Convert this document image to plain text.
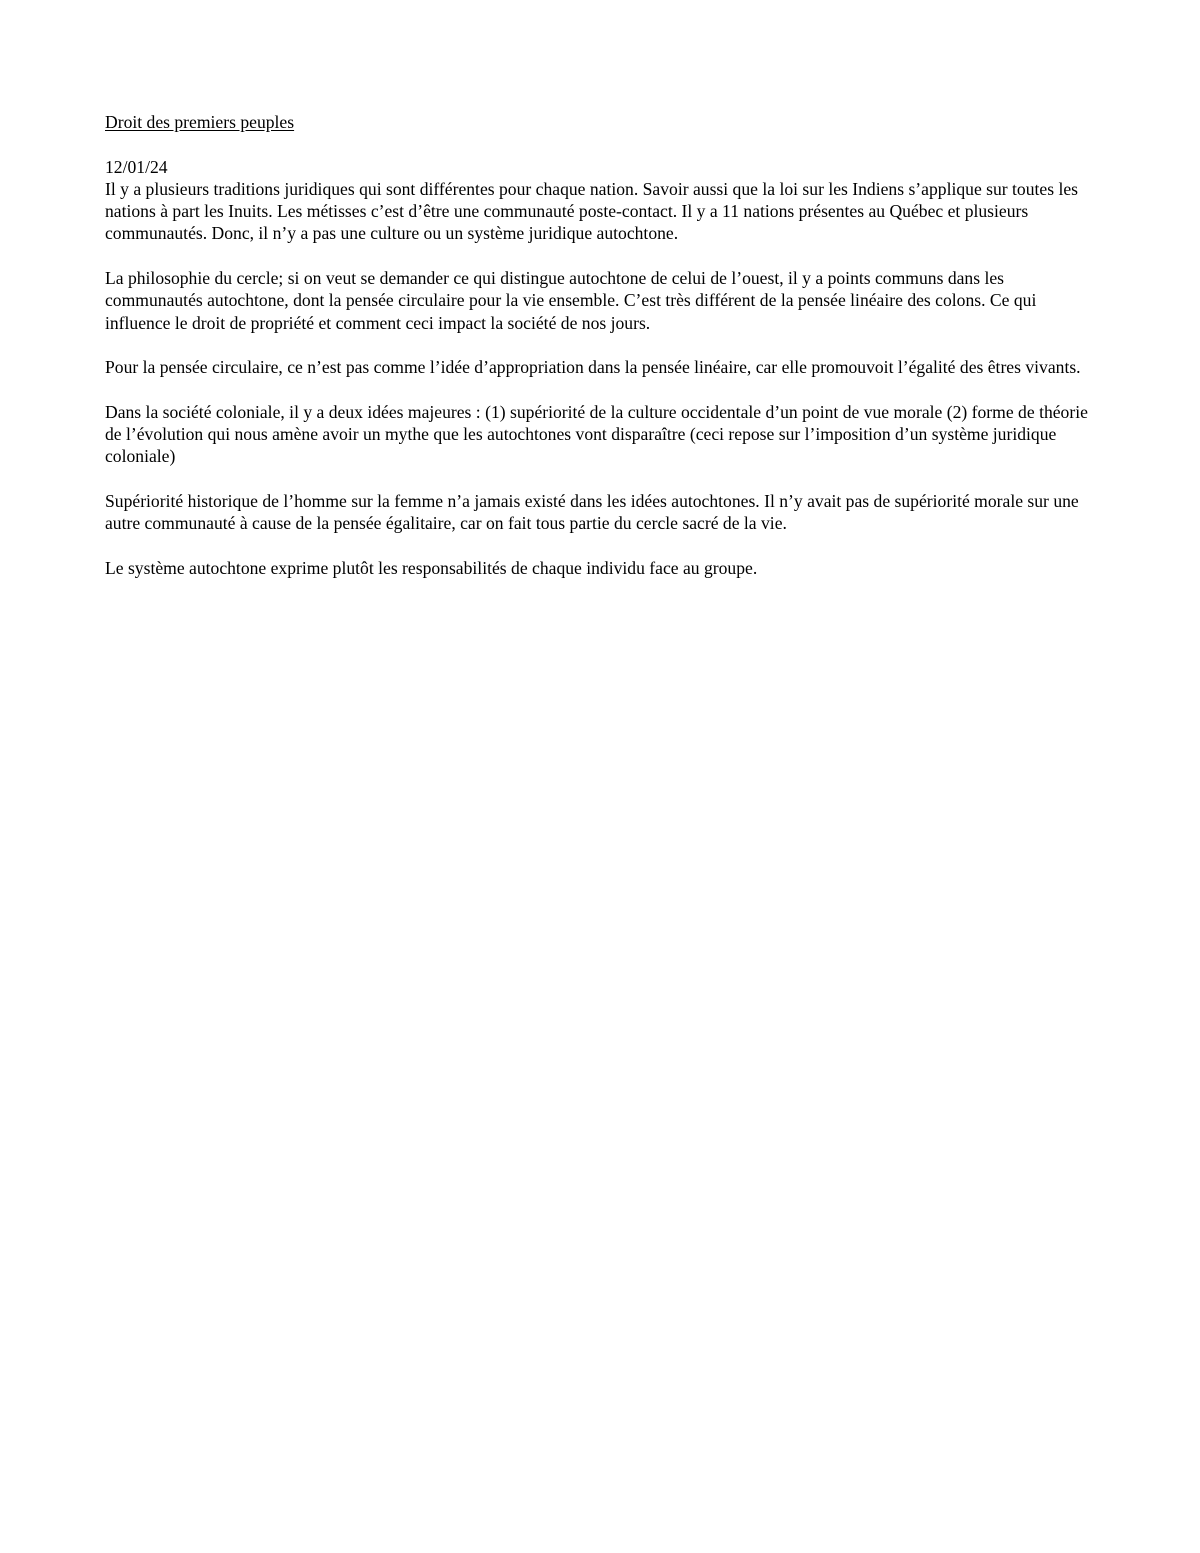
Droit des premiers peuples

12/01/24

Il y a plusieurs traditions juridiques qui sont différentes pour chaque nation. Savoir aussi que la loi sur les Indiens s’applique sur toutes les nations à part les Inuits. Les métisses c’est d’être une communauté poste-contact. Il y a 11 nations présentes au Québec et plusieurs communautés. Donc, il n’y a pas une culture ou un système juridique autochtone.

La philosophie du cercle; si on veut se demander ce qui distingue autochtone de celui de l’ouest, il y a points communs dans les communautés autochtone, dont la pensée circulaire pour la vie ensemble. C’est très différent de la pensée linéaire des colons. Ce qui influence le droit de propriété et comment ceci impact la société de nos jours.

Pour la pensée circulaire, ce n’est pas comme l’idée d’appropriation dans la pensée linéaire, car elle promouvoit l’égalité des êtres vivants.

Dans la société coloniale, il y a deux idées majeures : (1) supériorité de la culture occidentale d’un point de vue morale (2) forme de théorie de l’évolution qui nous amène avoir un mythe que les autochtones vont disparaître (ceci repose sur l’imposition d’un système juridique coloniale)

Supériorité historique de l’homme sur la femme n’a jamais existé dans les idées autochtones. Il n’y avait pas de supériorité morale sur une autre communauté à cause de la pensée égalitaire, car on fait tous partie du cercle sacré de la vie.

Le système autochtone exprime plutôt les responsabilités de chaque individu face au groupe.
